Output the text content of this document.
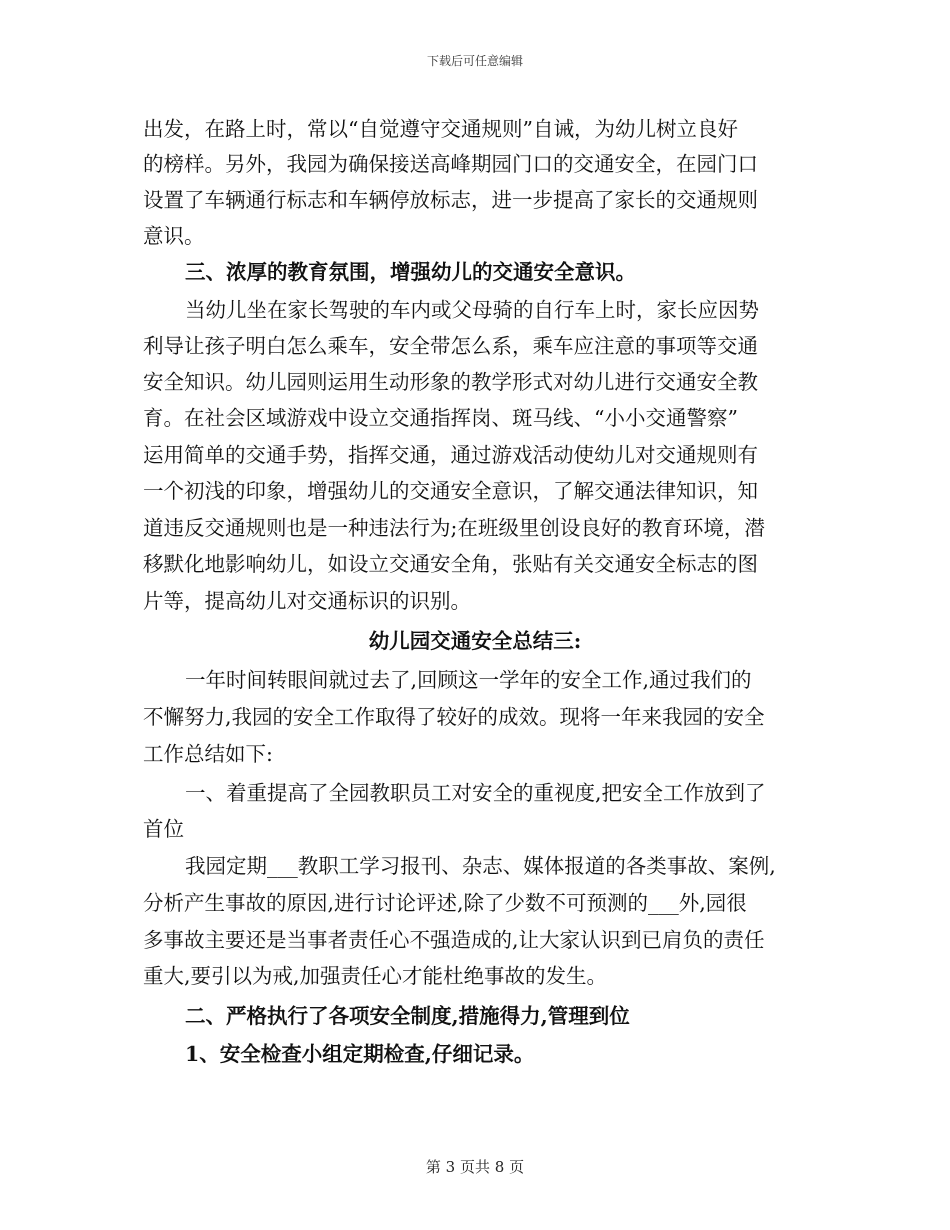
下载后可任意编辑
出发，在路上时，常以“自觉遵守交通规则”自诫，为幼儿树立良好
的榜样。另外，我园为确保接送高峰期园门口的交通安全，在园门口
设置了车辆通行标志和车辆停放标志，进一步提高了家长的交通规则
意识。
三、浓厚的教育氛围，增强幼儿的交通安全意识。
当幼儿坐在家长驾驶的车内或父母骑的自行车上时，家长应因势
利导让孩子明白怎么乘车，安全带怎么系，乘车应注意的事项等交通
安全知识。幼儿园则运用生动形象的教学形式对幼儿进行交通安全教
育。在社会区域游戏中设立交通指挥岗、斑马线、“小小交通警察”
运用简单的交通手势，指挥交通，通过游戏活动使幼儿对交通规则有
一个初浅的印象，增强幼儿的交通安全意识，了解交通法律知识，知
道违反交通规则也是一种违法行为;在班级里创设良好的教育环境，潜
移默化地影响幼儿，如设立交通安全角，张贴有关交通安全标志的图
片等，提高幼儿对交通标识的识别。
幼儿园交通安全总结三:
一年时间转眼间就过去了,回顾这一学年的安全工作,通过我们的
不懈努力,我园的安全工作取得了较好的成效。现将一年来我园的安全
工作总结如下:
一、着重提高了全园教职员工对安全的重视度,把安全工作放到了
首位
我园定期___教职工学习报刊、杂志、媒体报道的各类事故、案例,
分析产生事故的原因,进行讨论评述,除了少数不可预测的___外,园很
多事故主要还是当事者责任心不强造成的,让大家认识到已肩负的责任
重大,要引以为戒,加强责任心才能杜绝事故的发生。
二、严格执行了各项安全制度,措施得力,管理到位
1、安全检查小组定期检查,仔细记录。
第 3 页共 8 页
